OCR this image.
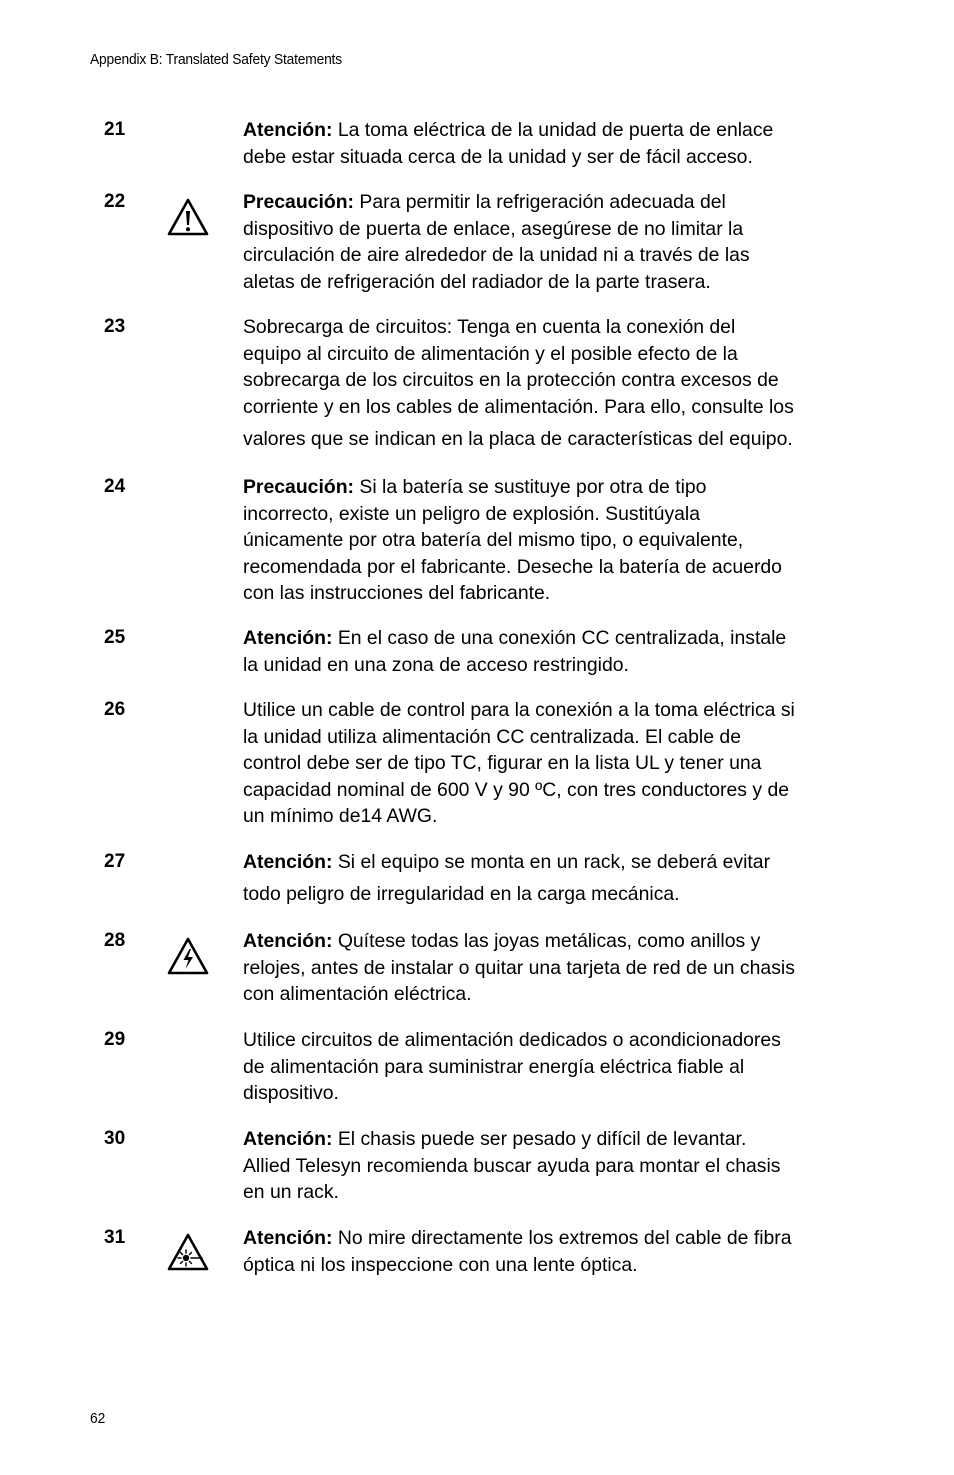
Appendix B: Translated Safety Statements
21	Atención: La toma eléctrica de la unidad de puerta de enlace
debe estar situada cerca de la unidad y ser de fácil acceso.
22	Precaución: Para permitir la refrigeración adecuada del
dispositivo de puerta de enlace, asegúrese de no limitar la
circulación de aire alrededor de la unidad ni a través de las
aletas de refrigeración del radiador de la parte trasera.
23	Sobrecarga de circuitos: Tenga en cuenta la conexión del
equipo al circuito de alimentación y el posible efecto de la
sobrecarga de los circuitos en la protección contra excesos de
corriente y en los cables de alimentación. Para ello, consulte los
valores que se indican en la placa de características del equipo.
24	Precaución: Si la batería se sustituye por otra de tipo
incorrecto, existe un peligro de explosión. Sustitúyala
únicamente por otra batería del mismo tipo, o equivalente,
recomendada por el fabricante. Deseche la batería de acuerdo
con las instrucciones del fabricante.
25	Atención: En el caso de una conexión CC centralizada, instale
la unidad en una zona de acceso restringido.
26	Utilice un cable de control para la conexión a la toma eléctrica si
la unidad utiliza alimentación CC centralizada. El cable de
control debe ser de tipo TC, figurar en la lista UL y tener una
capacidad nominal de 600 V y 90 ºC, con tres conductores y de
un mínimo de14 AWG.
27	Atención: Si el equipo se monta en un rack, se deberá evitar
todo peligro de irregularidad en la carga mecánica.
28	Atención: Quítese todas las joyas metálicas, como anillos y
relojes, antes de instalar o quitar una tarjeta de red de un chasis
con alimentación eléctrica.
29	Utilice circuitos de alimentación dedicados o acondicionadores
de alimentación para suministrar energía eléctrica fiable al
dispositivo.
30	Atención: El chasis puede ser pesado y difícil de levantar.
Allied Telesyn recomienda buscar ayuda para montar el chasis
en un rack.
31	Atención: No mire directamente los extremos del cable de fibra
óptica ni los inspeccione con una lente óptica.
62
